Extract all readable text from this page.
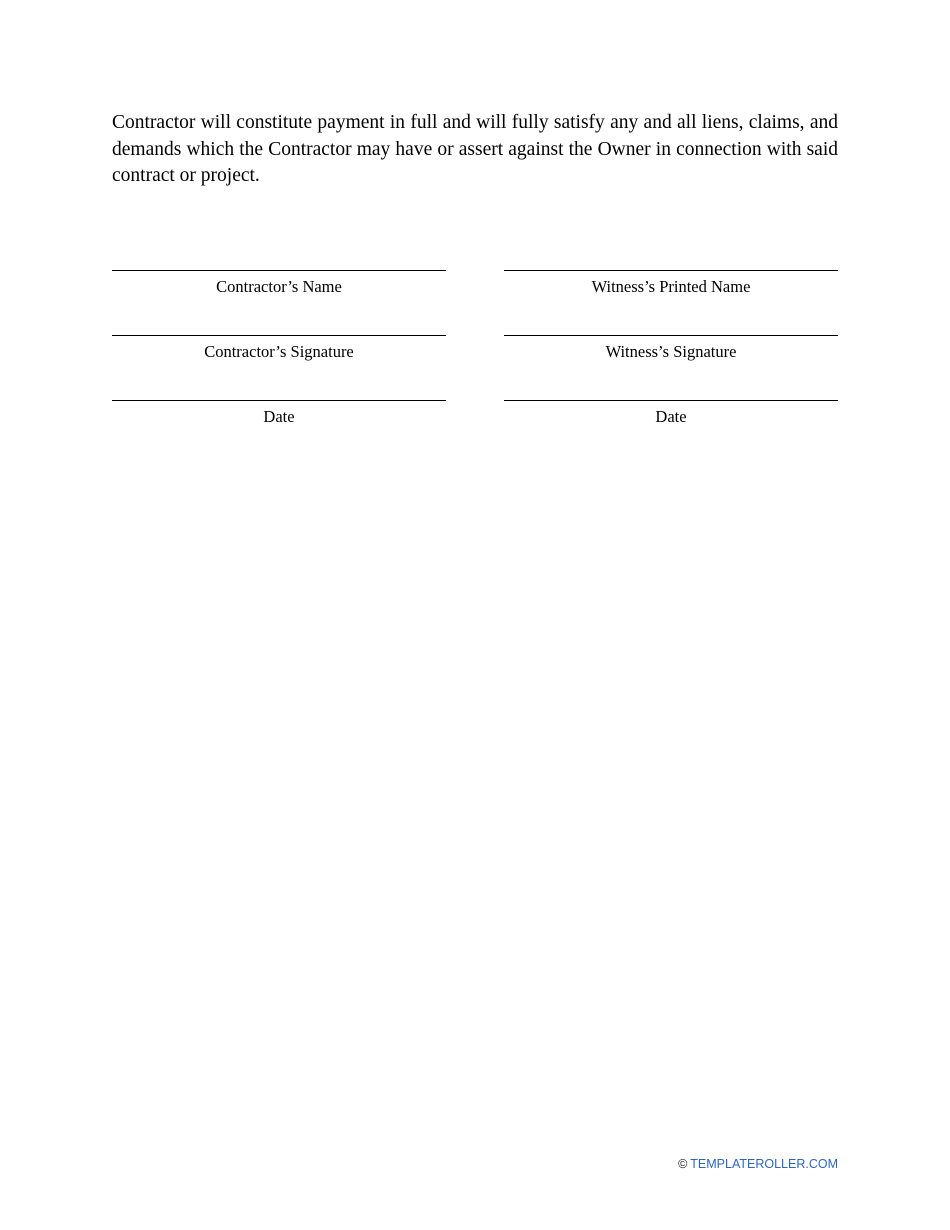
Contractor will constitute payment in full and will fully satisfy any and all liens, claims, and demands which the Contractor may have or assert against the Owner in connection with said contract or project.

Contractor’s Name
Contractor’s Signature
Date
Witness’s Printed Name
Witness’s Signature
Date
© TEMPLATEROLLER.COM
